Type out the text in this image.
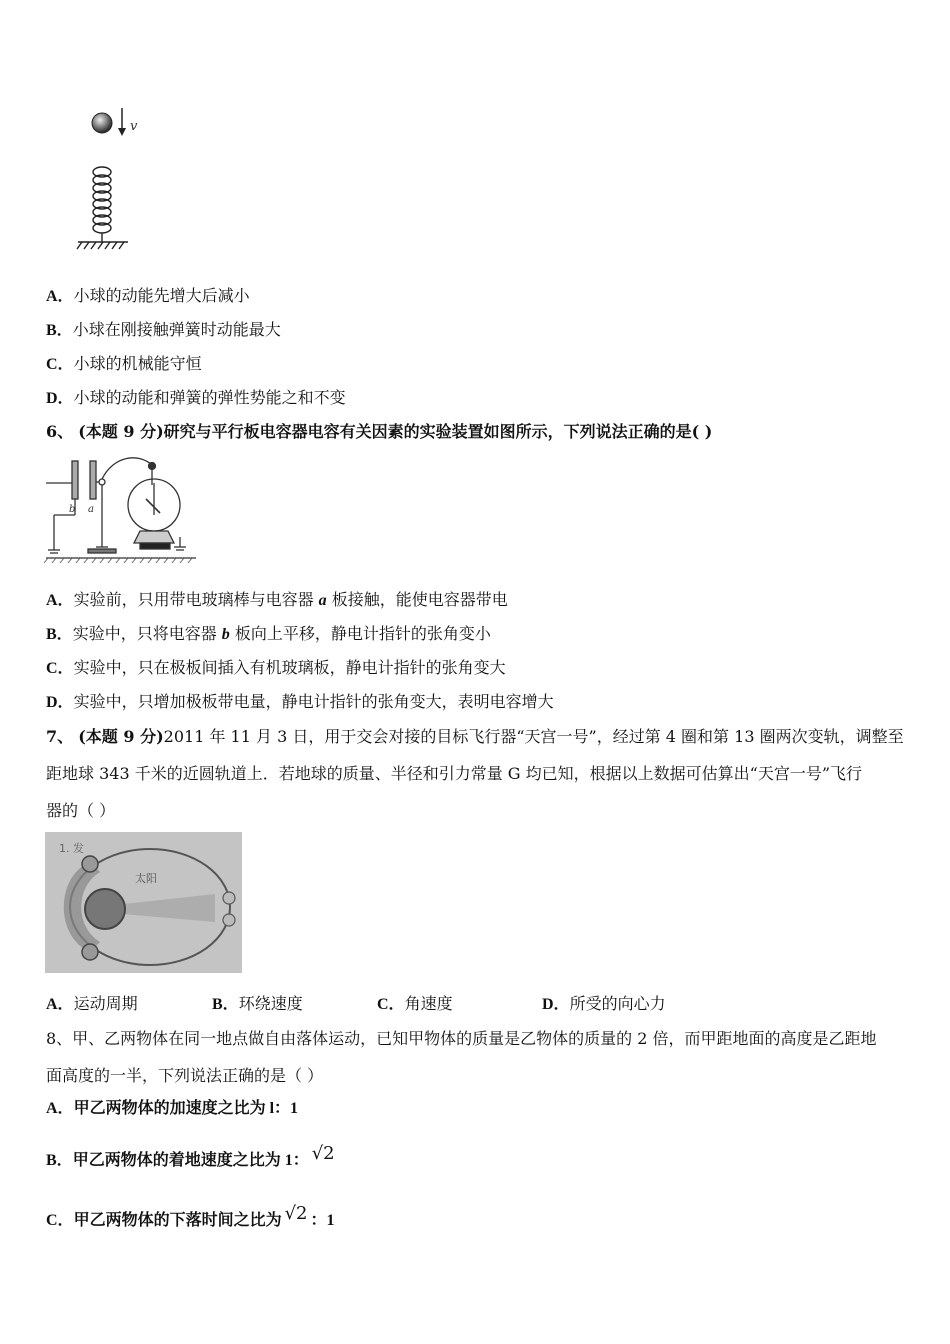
v
A．小球的动能先增大后减小
B．小球在刚接触弹簧时动能最大
C．小球的机械能守恒
D．小球的动能和弹簧的弹性势能之和不变
6、 (本题 9 分)研究与平行板电容器电容有关因素的实验装置如图所示，下列说法正确的是( )
b a
A．实验前，只用带电玻璃棒与电容器 a 板接触，能使电容器带电
B．实验中，只将电容器 b 板向上平移，静电计指针的张角变小
C．实验中，只在极板间插入有机玻璃板，静电计指针的张角变大
D．实验中，只增加极板带电量，静电计指针的张角变大，表明电容增大
7、 (本题 9 分)2011 年 11 月 3 日，用于交会对接的目标飞行器“天宫一号”，经过第 4 圈和第 13 圈两次变轨，调整至
距地球 343 千米的近圆轨道上．若地球的质量、半径和引力常量 G 均已知，根据以上数据可估算出“天宫一号”飞行
器的（ ）
1. 发
太阳
A．运动周期	B．环绕速度	C．角速度	D．所受的向心力
8、甲、乙两物体在同一地点做自由落体运动，已知甲物体的质量是乙物体的质量的 2 倍，而甲距地面的高度是乙距地
面高度的一半，下列说法正确的是（ ）
A．甲乙两物体的加速度之比为 l：1
B．甲乙两物体的着地速度之比为 1： √2
C．甲乙两物体的下落时间之比为 √2 ：1
